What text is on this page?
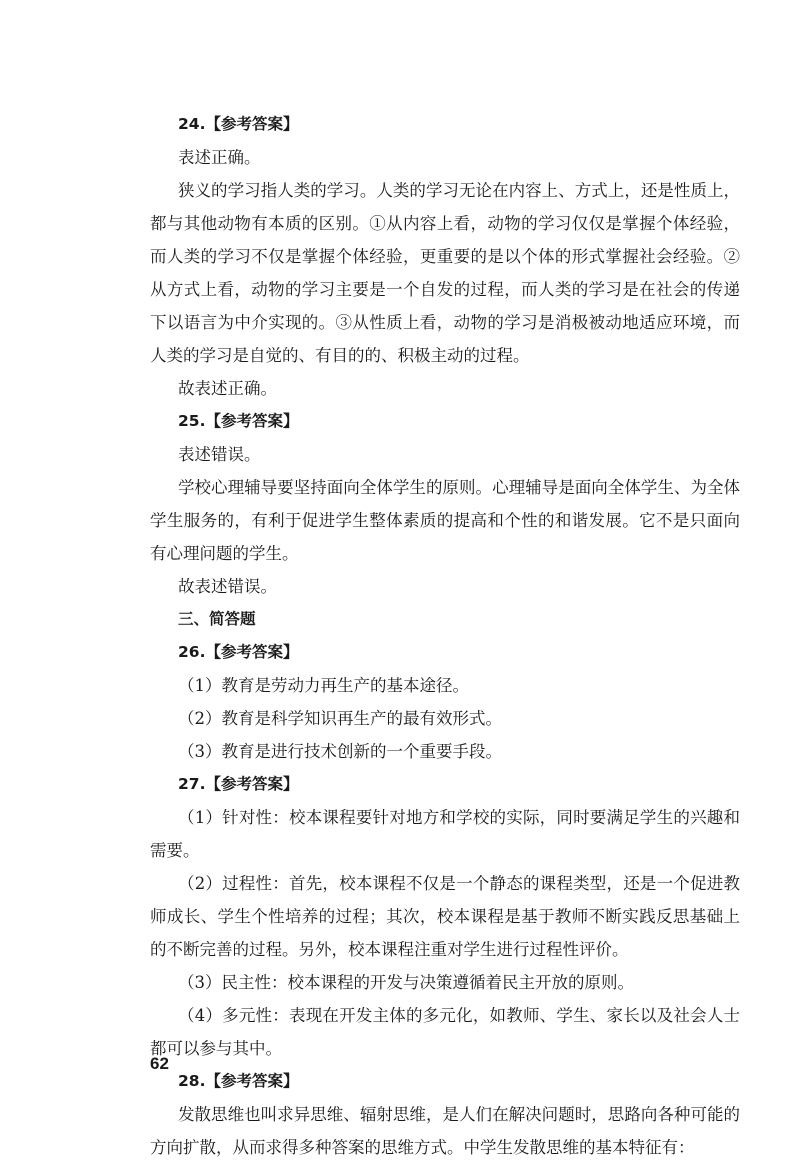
24.【参考答案】
表述正确。
狭义的学习指人类的学习。人类的学习无论在内容上、方式上，还是性质上，都与其他动物有本质的区别。①从内容上看，动物的学习仅仅是掌握个体经验，而人类的学习不仅是掌握个体经验，更重要的是以个体的形式掌握社会经验。②从方式上看，动物的学习主要是一个自发的过程，而人类的学习是在社会的传递下以语言为中介实现的。③从性质上看，动物的学习是消极被动地适应环境，而人类的学习是自觉的、有目的的、积极主动的过程。
故表述正确。
25.【参考答案】
表述错误。
学校心理辅导要坚持面向全体学生的原则。心理辅导是面向全体学生、为全体学生服务的，有利于促进学生整体素质的提高和个性的和谐发展。它不是只面向有心理问题的学生。
故表述错误。
三、简答题
26.【参考答案】
（1）教育是劳动力再生产的基本途径。
（2）教育是科学知识再生产的最有效形式。
（3）教育是进行技术创新的一个重要手段。
27.【参考答案】
（1）针对性：校本课程要针对地方和学校的实际，同时要满足学生的兴趣和需要。
（2）过程性：首先，校本课程不仅是一个静态的课程类型，还是一个促进教师成长、学生个性培养的过程；其次，校本课程是基于教师不断实践反思基础上的不断完善的过程。另外，校本课程注重对学生进行过程性评价。
（3）民主性：校本课程的开发与决策遵循着民主开放的原则。
（4）多元性：表现在开发主体的多元化，如教师、学生、家长以及社会人士都可以参与其中。
28.【参考答案】
发散思维也叫求异思维、辐射思维，是人们在解决问题时，思路向各种可能的方向扩散，从而求得多种答案的思维方式。中学生发散思维的基本特征有：
62
